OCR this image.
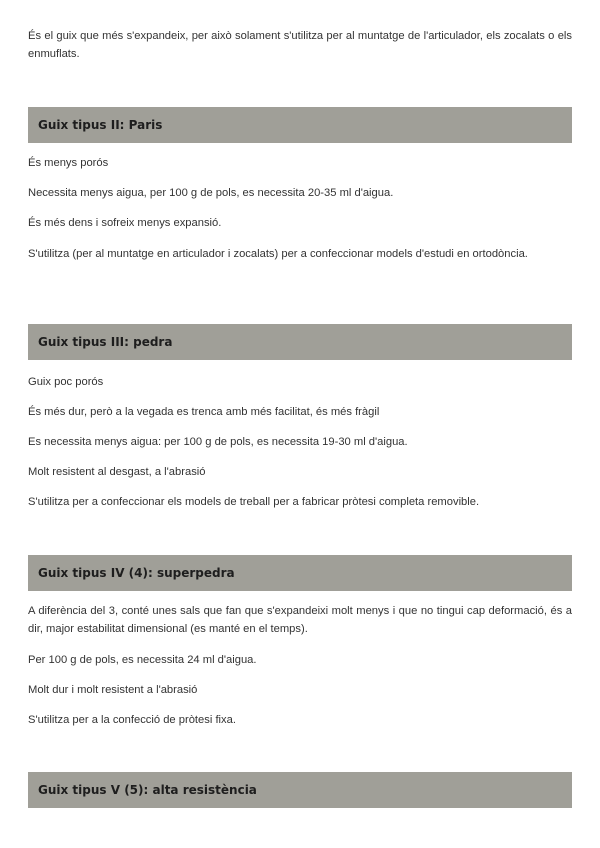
És el guix que més s'expandeix, per això solament s'utilitza per al muntatge de l'articulador, els zocalats o els enmuflats.

Guix tipus II: Paris

És menys porós

Necessita menys aigua, per 100 g de pols, es necessita 20-35 ml d'aigua.

És més dens i sofreix menys expansió.

S'utilitza (per al muntatge en articulador i zocalats) per a confeccionar models d'estudi en ortodòncia.

Guix tipus III: pedra

Guix poc porós

És més dur, però a la vegada es trenca amb més facilitat, és més fràgil

Es necessita menys aigua: per 100 g de pols, es necessita 19-30 ml d'aigua.

Molt resistent al desgast, a l'abrasió

S'utilitza per a confeccionar els models de treball per a fabricar pròtesi completa removible.

Guix tipus IV (4): superpedra

A diferència del 3, conté unes sals que fan que s'expandeixi molt menys i que no tingui cap deformació, és a dir, major estabilitat dimensional (es manté en el temps).

Per 100 g de pols, es necessita 24 ml d'aigua.

Molt dur i molt resistent a l'abrasió

S'utilitza per a la confecció de pròtesi fixa.

Guix tipus V (5): alta resistència
